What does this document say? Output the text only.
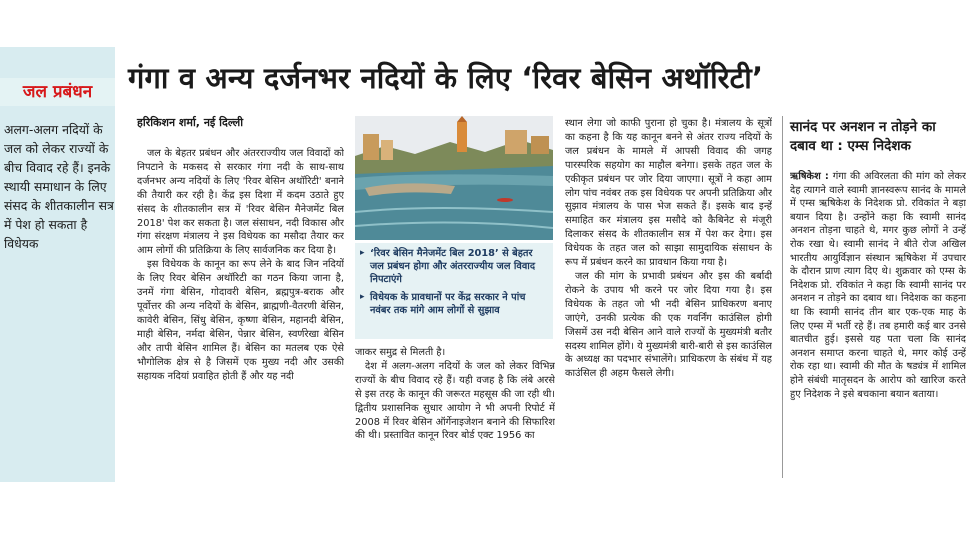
जल प्रबंधन
अलग-अलग नदियों के जल को लेकर राज्यों के बीच विवाद रहे हैं। इनके स्थायी समाधान के लिए संसद के शीतकालीन सत्र में पेश हो सकता है विधेयक
गंगा व अन्य दर्जनभर नदियों के लिए ‘रिवर बेसिन अथॉरिटी’
हरिकिशन शर्मा, नई दिल्ली

जल के बेहतर प्रबंधन और अंतरराज्यीय जल विवादों को निपटाने के मकसद से सरकार गंगा नदी के साथ-साथ दर्जनभर अन्य नदियों के लिए 'रिवर बेसिन अथॉरिटी' बनाने की तैयारी कर रही है। केंद्र इस दिशा में कदम उठाते हुए संसद के शीतकालीन सत्र में 'रिवर बेसिन मैनेजमेंट बिल 2018' पेश कर सकता है। जल संसाधन, नदी विकास और गंगा संरक्षण मंत्रालय ने इस विधेयक का मसौदा तैयार कर आम लोगों की प्रतिक्रिया के लिए सार्वजनिक कर दिया है।

इस विधेयक के कानून का रूप लेने के बाद जिन नदियों के लिए रिवर बेसिन अथॉरिटी का गठन किया जाना है, उनमें गंगा बेसिन, गोदावरी बेसिन, ब्रह्मपुत्र-बराक और पूर्वोत्तर की अन्य नदियों के बेसिन, ब्राह्मणी-वैतरणी बेसिन, कावेरी बेसिन, सिंधु बेसिन, कृष्णा बेसिन, महानदी बेसिन, माही बेसिन, नर्मदा बेसिन, पेन्नार बेसिन, स्वर्णरेखा बेसिन और तापी बेसिन शामिल हैं। बेसिन का मतलब एक ऐसे भौगोलिक क्षेत्र से है जिसमें एक मुख्य नदी और उसकी सहायक नदियां प्रवाहित होती हैं और यह नदी

▸ ‘रिवर बेसिन मैनेजमेंट बिल 2018’ से बेहतर जल प्रबंधन होगा और अंतरराज्यीय जल विवाद निपटाएंगे
▸ विधेयक के प्रावधानों पर केंद्र सरकार ने पांच नवंबर तक मांगे आम लोगों से सुझाव

जाकर समुद्र से मिलती है।

देश में अलग-अलग नदियों के जल को लेकर विभिन्न राज्यों के बीच विवाद रहे हैं। यही वजह है कि लंबे अरसे से इस तरह के कानून की जरूरत महसूस की जा रही थी। द्वितीय प्रशासनिक सुधार आयोग ने भी अपनी रिपोर्ट में 2008 में रिवर बेसिन ऑर्गेनाइजेशन बनाने की सिफारिश की थी। प्रस्तावित कानून रिवर बोर्ड एक्ट 1956 का

स्थान लेगा जो काफी पुराना हो चुका है। मंत्रालय के सूत्रों का कहना है कि यह कानून बनने से अंतर राज्य नदियों के जल प्रबंधन के मामले में आपसी विवाद की जगह पारस्परिक सहयोग का माहौल बनेगा। इसके तहत जल के एकीकृत प्रबंधन पर जोर दिया जाएगा। सूत्रों ने कहा आम लोग पांच नवंबर तक इस विधेयक पर अपनी प्रतिक्रिया और सुझाव मंत्रालय के पास भेज सकते हैं। इसके बाद इन्हें समाहित कर मंत्रालय इस मसौदे को कैबिनेट से मंजूरी दिलाकर संसद के शीतकालीन सत्र में पेश कर देगा। इस विधेयक के तहत जल को साझा सामुदायिक संसाधन के रूप में प्रबंधन करने का प्रावधान किया गया है।

जल की मांग के प्रभावी प्रबंधन और इस की बर्बादी रोकने के उपाय भी करने पर जोर दिया गया है। इस विधेयक के तहत जो भी नदी बेसिन प्राधिकरण बनाए जाएंगे, उनकी प्रत्येक की एक गवर्निंग काउंसिल होगी जिसमें उस नदी बेसिन आने वाले राज्यों के मुख्यमंत्री बतौर सदस्य शामिल होंगे। ये मुख्यमंत्री बारी-बारी से इस काउंसिल के अध्यक्ष का पदभार संभालेंगे। प्राधिकरण के संबंध में यह काउंसिल ही अहम फैसले लेगी।

सानंद पर अनशन न तोड़ने का दबाव था : एम्स निदेशक
ऋषिकेश : गंगा की अविरलता की मांग को लेकर देह त्यागने वाले स्वामी ज्ञानस्वरूप सानंद के मामले में एम्स ऋषिकेश के निदेशक प्रो. रविकांत ने बड़ा बयान दिया है। उन्होंने कहा कि स्वामी सानंद अनशन तोड़ना चाहते थे, मगर कुछ लोगों ने उन्हें रोक रखा थे। स्वामी सानंद ने बीते रोज अखिल भारतीय आयुर्विज्ञान संस्थान ऋषिकेश में उपचार के दौरान प्राण त्याग दिए थे। शुक्रवार को एम्स के निदेशक प्रो. रविकांत ने कहा कि स्वामी सानंद पर अनशन न तोड़ने का दबाव था। निदेशक का कहना था कि स्वामी सानंद तीन बार एक-एक माह के लिए एम्स में भर्ती रहे हैं। तब हमारी कई बार उनसे बातचीत हुई। इससे यह पता चला कि सानंद अनशन समाप्त करना चाहते थे, मगर कोई उन्हें रोक रहा था। स्वामी की मौत के षड्यंत्र में शामिल होने संबंधी मातृसदन के आरोप को खारिज करते हुए निदेशक ने इसे बचकाना बयान बताया।
